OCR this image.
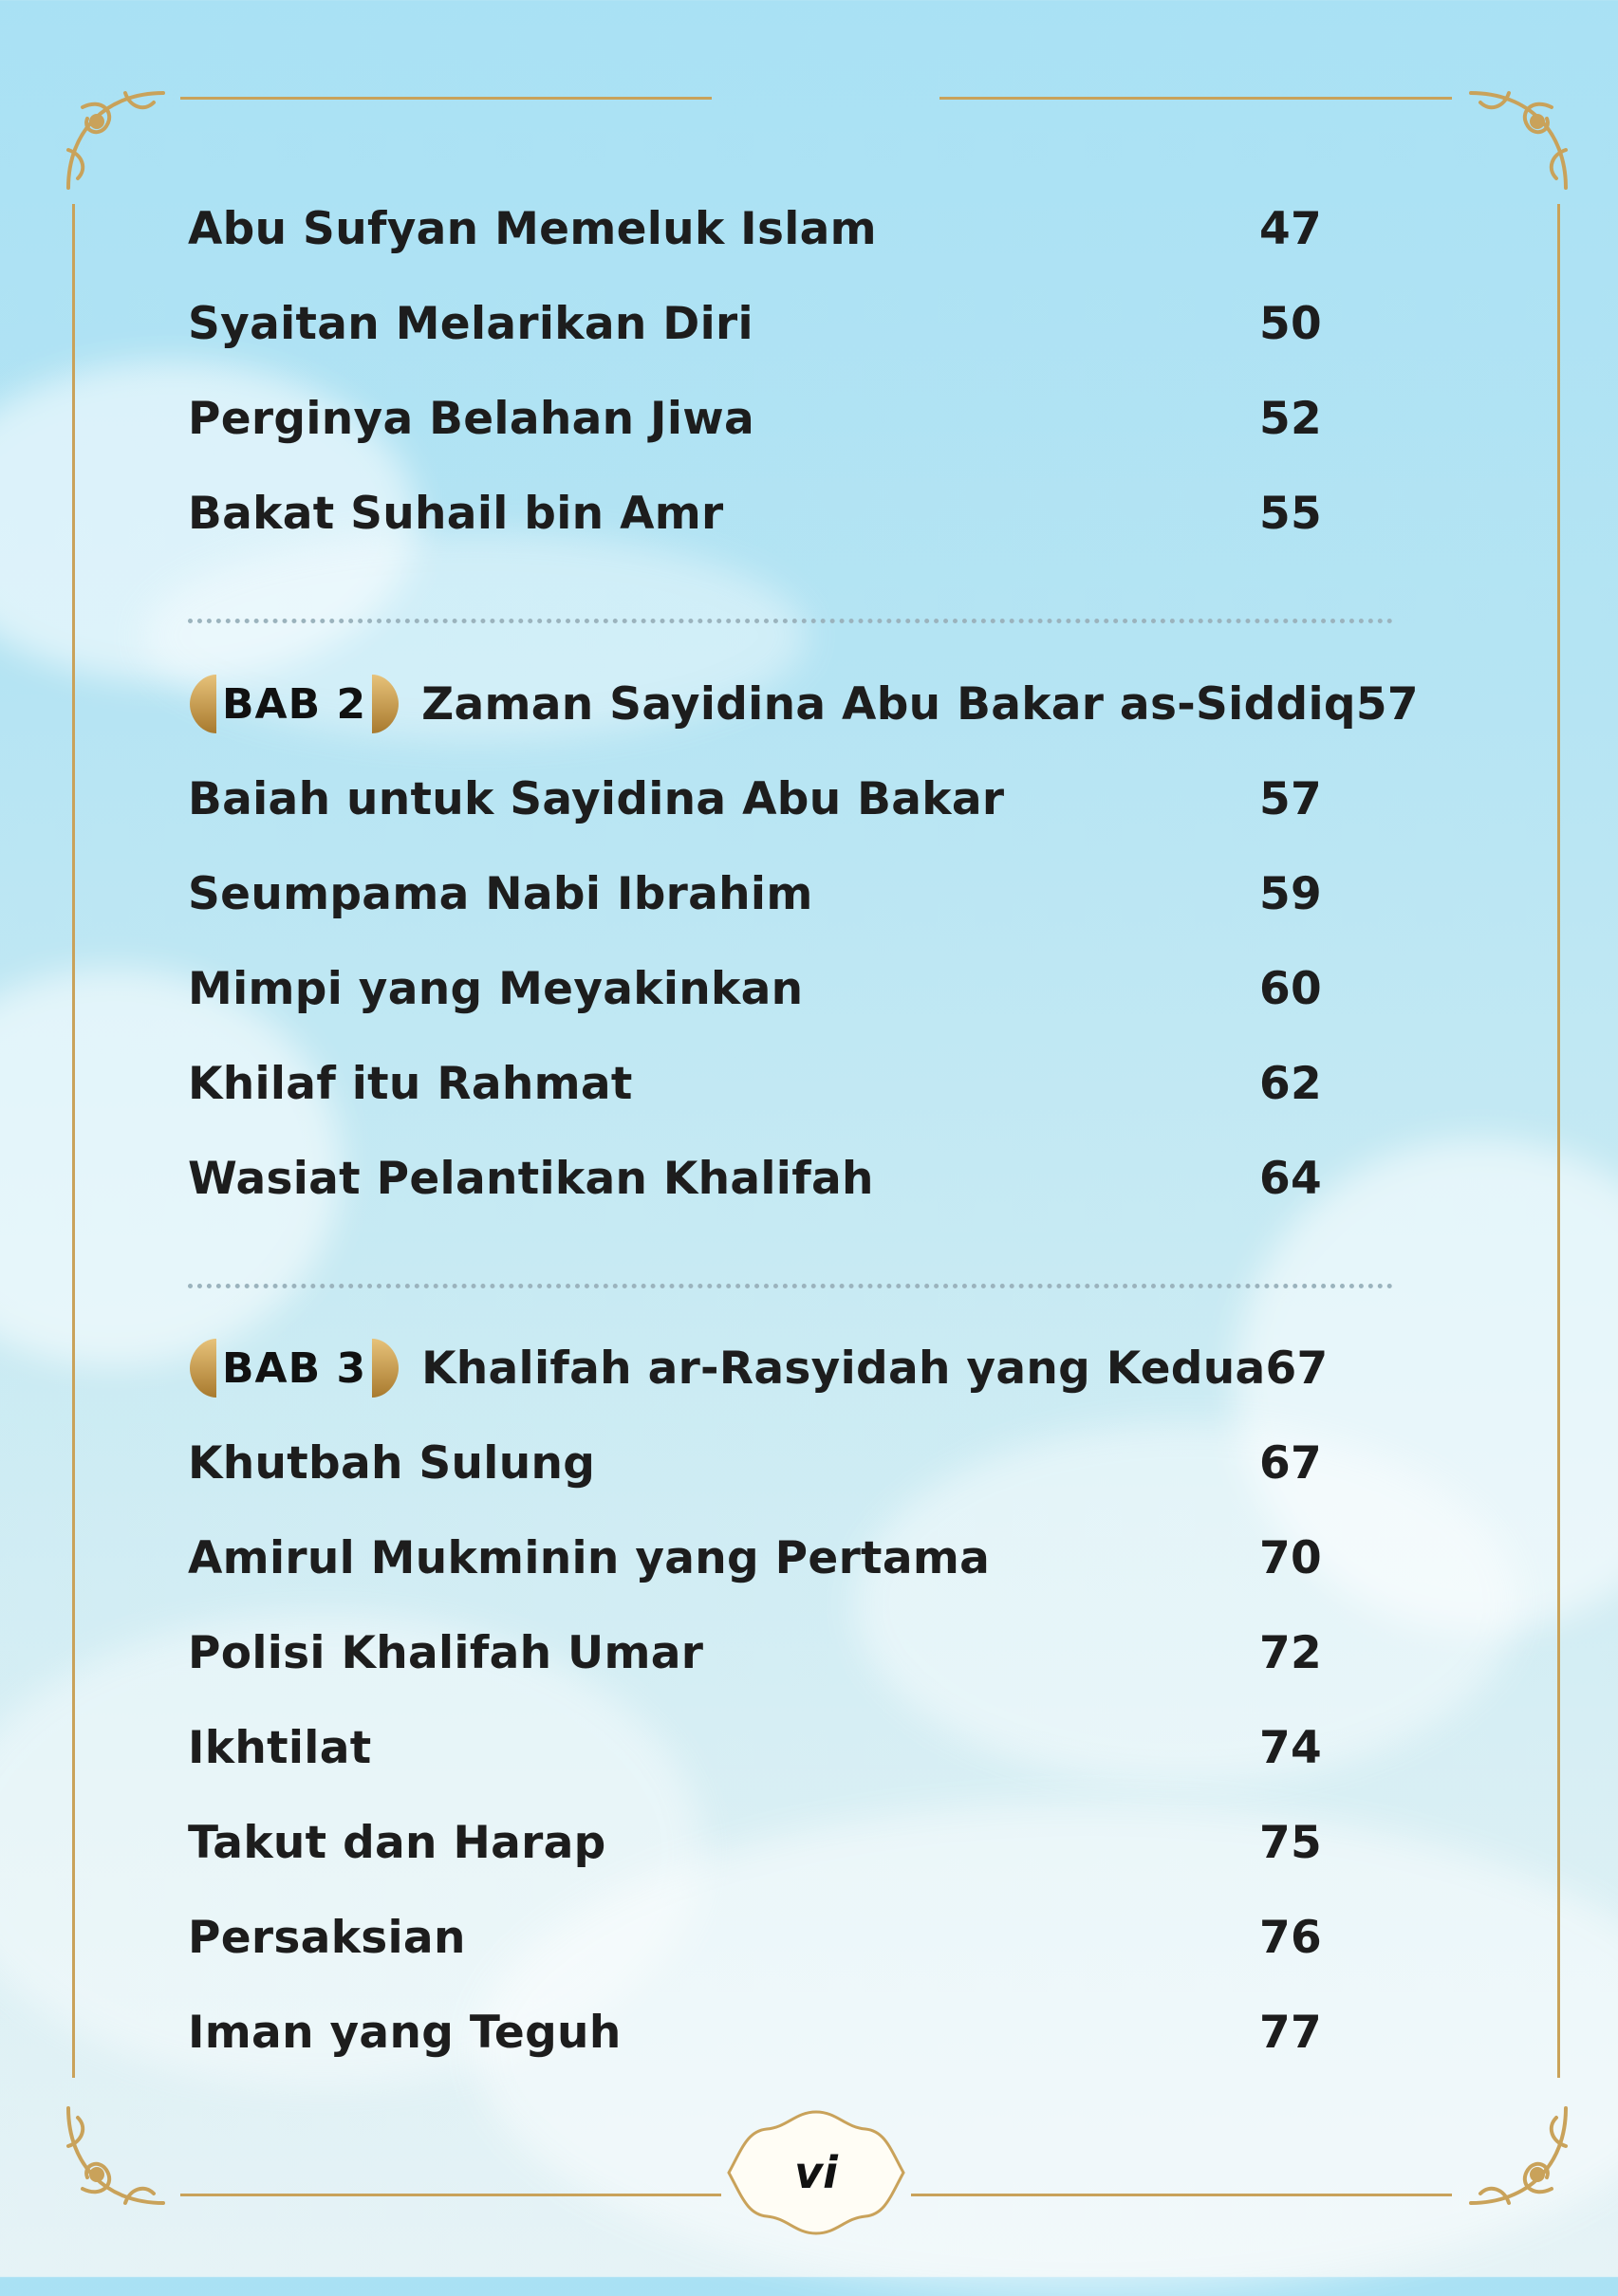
Abu Sufyan Memeluk Islam	47
Syaitan Melarikan Diri	50
Perginya Belahan Jiwa	52
Bakat Suhail bin Amr	55
BAB 2 Zaman Sayidina Abu Bakar as-Siddiq 57
Baiah untuk Sayidina Abu Bakar	57
Seumpama Nabi Ibrahim	59
Mimpi yang Meyakinkan	60
Khilaf itu Rahmat	62
Wasiat Pelantikan Khalifah	64
BAB 3 Khalifah ar-Rasyidah yang Kedua 67
Khutbah Sulung	67
Amirul Mukminin yang Pertama	70
Polisi Khalifah Umar	72
Ikhtilat	74
Takut dan Harap	75
Persaksian	76
Iman yang Teguh	77
vi
